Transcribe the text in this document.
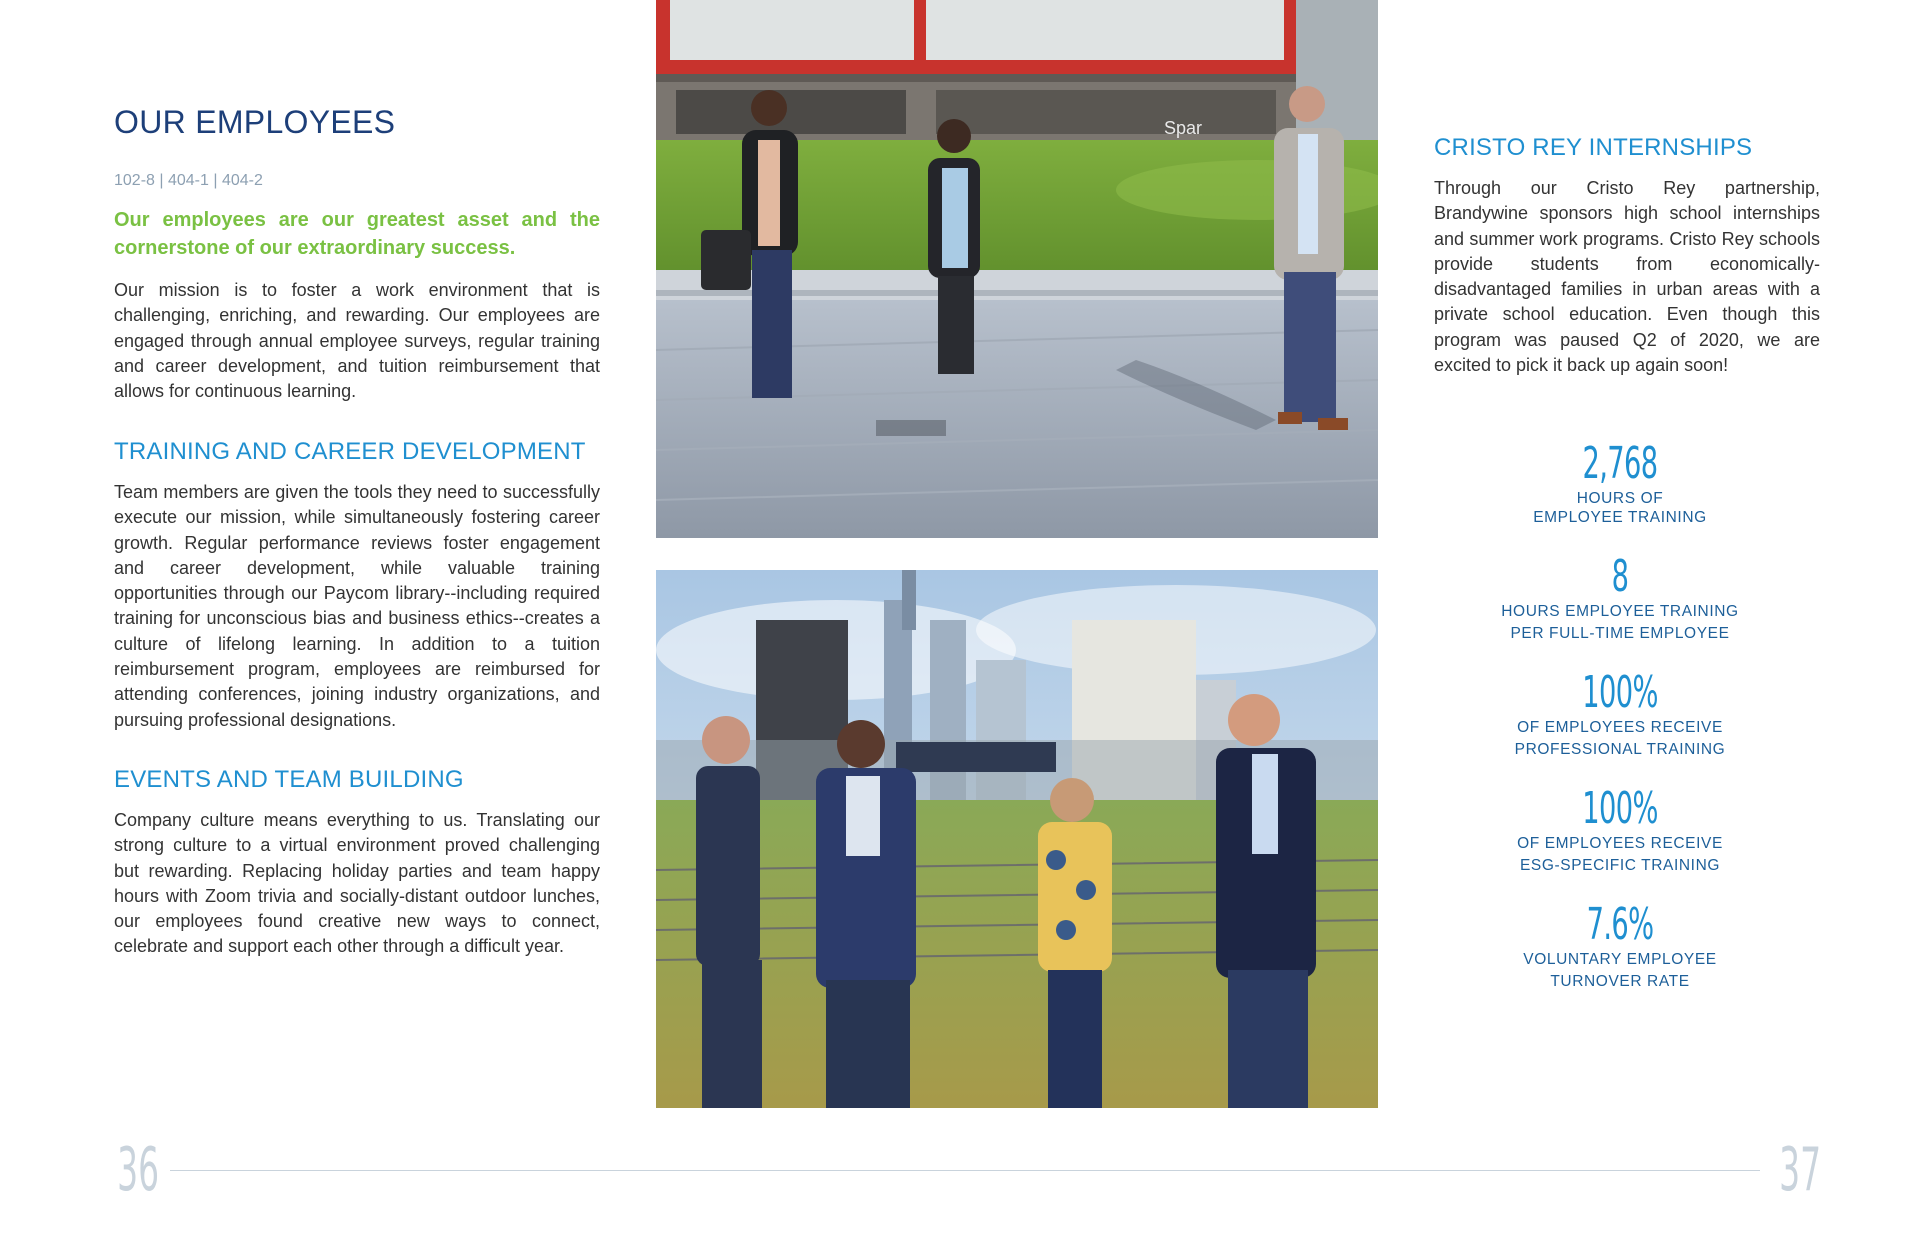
OUR EMPLOYEES
102-8 | 404-1 | 404-2

Our employees are our greatest asset and the cornerstone of our extraordinary success.

Our mission is to foster a work environment that is challenging, enriching, and rewarding. Our employees are engaged through annual employee surveys, regular training and career development, and tuition reimbursement that allows for continuous learning.

TRAINING AND CAREER DEVELOPMENT

Team members are given the tools they need to successfully execute our mission, while simultaneously fostering career growth. Regular performance reviews foster engagement and career development, while valuable training opportunities through our Paycom library--including required training for unconscious bias and business ethics--creates a culture of lifelong learning. In addition to a tuition reimbursement program, employees are reimbursed for attending conferences, joining industry organizations, and pursuing professional designations.

EVENTS AND TEAM BUILDING

Company culture means everything to us. Translating our strong culture to a virtual environment proved challenging but rewarding. Replacing holiday parties and team happy hours with Zoom trivia and socially-distant outdoor lunches, our employees found creative new ways to connect, celebrate and support each other through a difficult year.

Spar
CRISTO REY INTERNSHIPS

Through our Cristo Rey partnership, Brandywine sponsors high school internships and summer work programs. Cristo Rey schools provide students from economically-disadvantaged families in urban areas with a private school education. Even though this program was paused Q2 of 2020, we are excited to pick it back up again soon!

2,768
HOURS OF
EMPLOYEE TRAINING
8
HOURS EMPLOYEE TRAINING
PER FULL-TIME EMPLOYEE
100%
OF EMPLOYEES RECEIVE
PROFESSIONAL TRAINING
100%
OF EMPLOYEES RECEIVE
ESG-SPECIFIC TRAINING
7.6%
VOLUNTARY EMPLOYEE
TURNOVER RATE
36	37
